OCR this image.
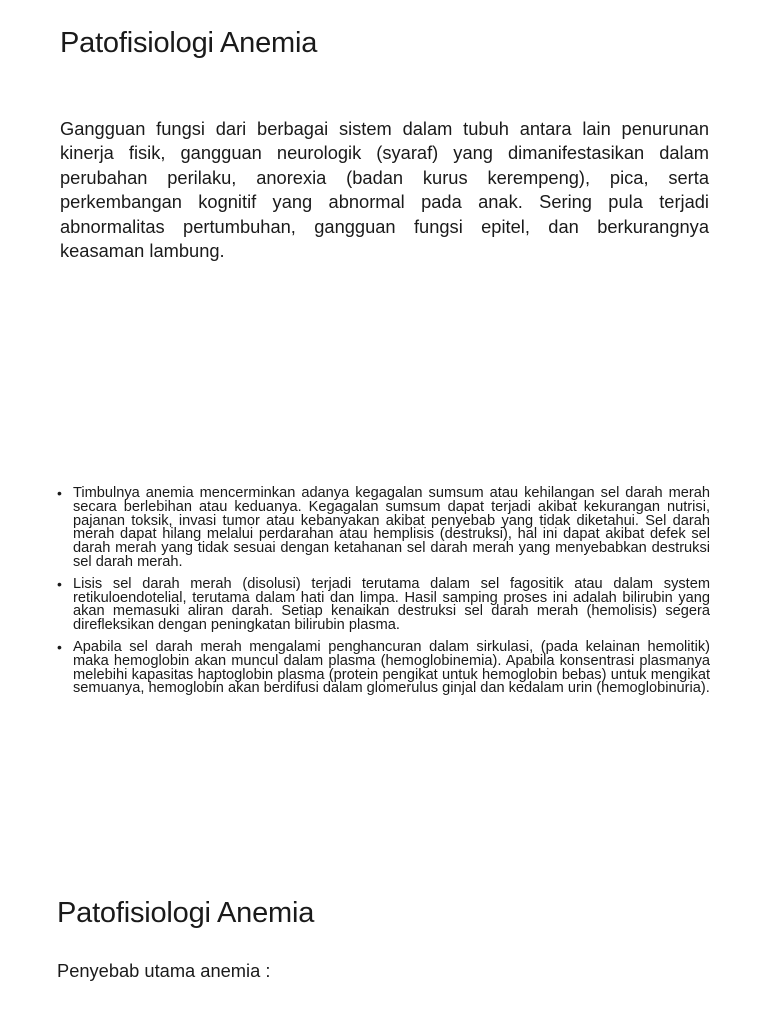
Patofisiologi Anemia

Gangguan fungsi dari berbagai sistem dalam tubuh antara lain penurunan kinerja fisik, gangguan neurologik (syaraf) yang dimanifestasikan dalam perubahan perilaku, anorexia (badan kurus kerempeng), pica, serta perkembangan kognitif yang abnormal pada anak. Sering pula terjadi abnormalitas pertumbuhan, gangguan fungsi epitel, dan berkurangnya keasaman lambung.

• Timbulnya anemia mencerminkan adanya kegagalan sumsum atau kehilangan sel darah merah secara berlebihan atau keduanya. Kegagalan sumsum dapat terjadi akibat kekurangan nutrisi, pajanan toksik, invasi tumor atau kebanyakan akibat penyebab yang tidak diketahui. Sel darah merah dapat hilang melalui perdarahan atau hemplisis (destruksi), hal ini dapat akibat defek sel darah merah yang tidak sesuai dengan ketahanan sel darah merah yang menyebabkan destruksi sel darah merah.
• Lisis sel darah merah (disolusi) terjadi terutama dalam sel fagositik atau dalam system retikuloendotelial, terutama dalam hati dan limpa. Hasil samping proses ini adalah bilirubin yang akan memasuki aliran darah. Setiap kenaikan destruksi sel darah merah (hemolisis) segera direfleksikan dengan peningkatan bilirubin plasma.
• Apabila sel darah merah mengalami penghancuran dalam sirkulasi, (pada kelainan hemolitik) maka hemoglobin akan muncul dalam plasma (hemoglobinemia). Apabila konsentrasi plasmanya melebihi kapasitas haptoglobin plasma (protein pengikat untuk hemoglobin bebas) untuk mengikat semuanya, hemoglobin akan berdifusi dalam glomerulus ginjal dan kedalam urin (hemoglobinuria).
Patofisiologi Anemia

Penyebab utama anemia :
